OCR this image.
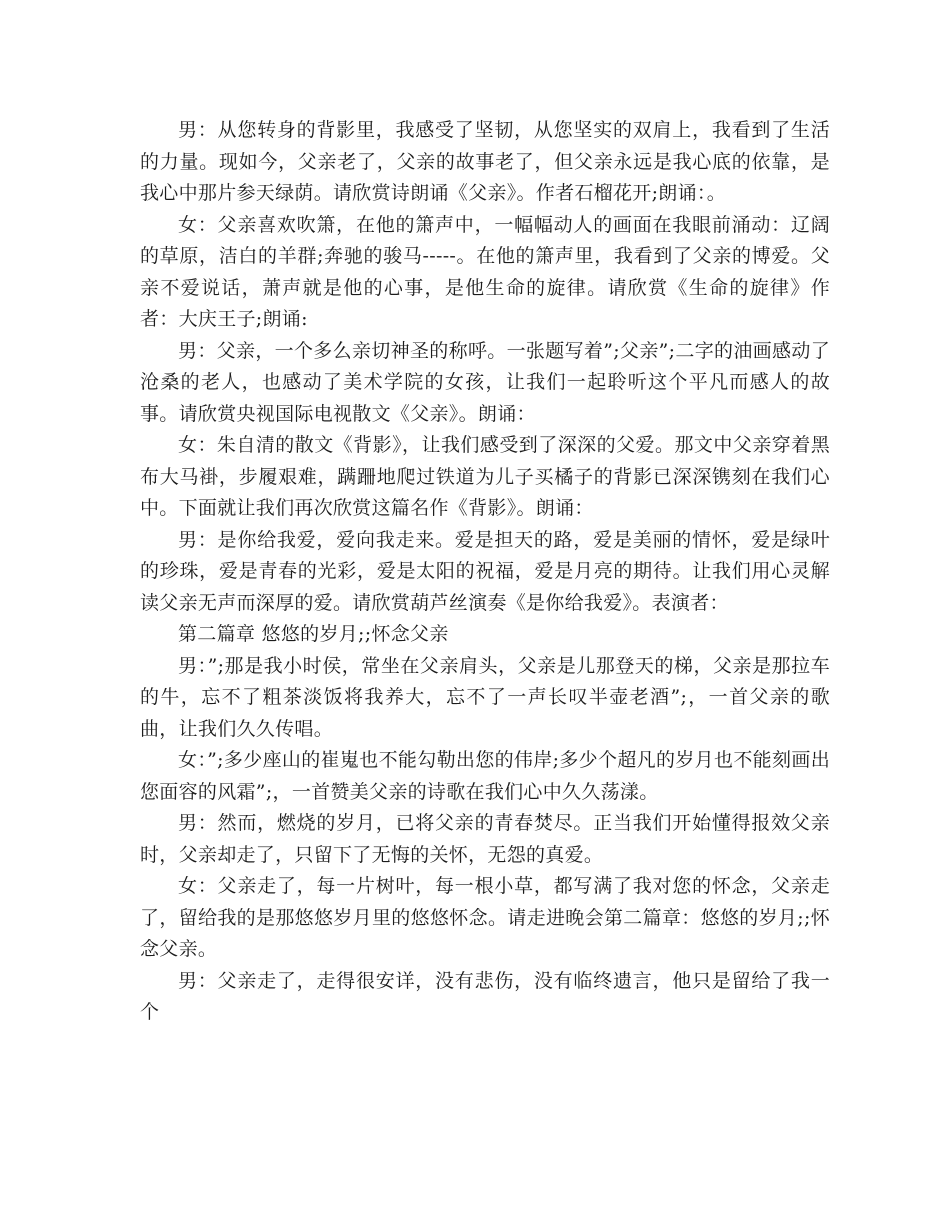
男：从您转身的背影里，我感受了坚韧，从您坚实的双肩上，我看到了生活的力量。现如今，父亲老了，父亲的故事老了，但父亲永远是我心底的依靠，是我心中那片参天绿荫。请欣赏诗朗诵《父亲》。作者石榴花开;朗诵：。

女：父亲喜欢吹箫，在他的箫声中，一幅幅动人的画面在我眼前涌动：辽阔的草原，洁白的羊群;奔驰的骏马-----。在他的箫声里，我看到了父亲的博爱。父亲不爱说话，萧声就是他的心事，是他生命的旋律。请欣赏《生命的旋律》作者：大庆王子;朗诵:

男：父亲，一个多么亲切神圣的称呼。一张题写着”;父亲”;二字的油画感动了沧桑的老人，也感动了美术学院的女孩，让我们一起聆听这个平凡而感人的故事。请欣赏央视国际电视散文《父亲》。朗诵：

女：朱自清的散文《背影》，让我们感受到了深深的父爱。那文中父亲穿着黑布大马褂，步履艰难，蹒跚地爬过铁道为儿子买橘子的背影已深深镌刻在我们心中。下面就让我们再次欣赏这篇名作《背影》。朗诵：

男：是你给我爱，爱向我走来。爱是担天的路，爱是美丽的情怀，爱是绿叶的珍珠，爱是青春的光彩，爱是太阳的祝福，爱是月亮的期待。让我们用心灵解读父亲无声而深厚的爱。请欣赏葫芦丝演奏《是你给我爱》。表演者：

第二篇章 悠悠的岁月;;怀念父亲

男：”;那是我小时侯，常坐在父亲肩头，父亲是儿那登天的梯，父亲是那拉车的牛，忘不了粗茶淡饭将我养大，忘不了一声长叹半壶老酒”;，一首父亲的歌曲，让我们久久传唱。

女：”;多少座山的崔嵬也不能勾勒出您的伟岸;多少个超凡的岁月也不能刻画出您面容的风霜”;，一首赞美父亲的诗歌在我们心中久久荡漾。

男：然而，燃烧的岁月，已将父亲的青春焚尽。正当我们开始懂得报效父亲时，父亲却走了，只留下了无悔的关怀，无怨的真爱。

女：父亲走了，每一片树叶，每一根小草，都写满了我对您的怀念，父亲走了，留给我的是那悠悠岁月里的悠悠怀念。请走进晚会第二篇章：悠悠的岁月;;怀念父亲。

男：父亲走了，走得很安详，没有悲伤，没有临终遗言，他只是留给了我一个
